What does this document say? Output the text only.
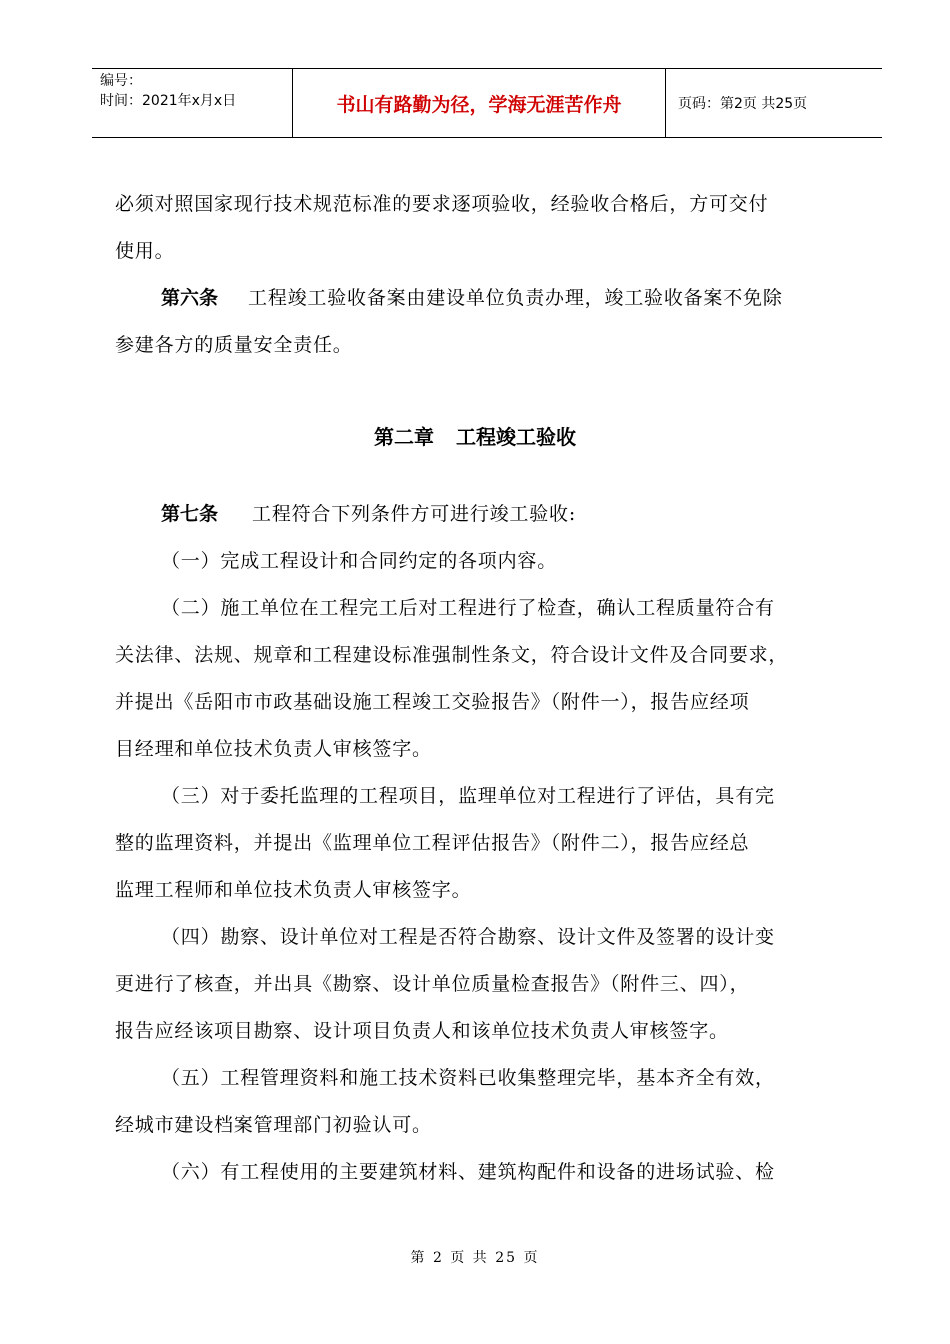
编号：
时间：2021年x月x日	书山有路勤为径，学海无涯苦作舟	页码：第2页 共25页

必须对照国家现行技术规范标准的要求逐项验收，经验收合格后，方可交付

使用。

第六条 工程竣工验收备案由建设单位负责办理，竣工验收备案不免除

参建各方的质量安全责任。

第二章 工程竣工验收

第七条 工程符合下列条件方可进行竣工验收:

（一）完成工程设计和合同约定的各项内容。

（二）施工单位在工程完工后对工程进行了检查，确认工程质量符合有

关法律、法规、规章和工程建设标准强制性条文，符合设计文件及合同要求，

并提出《岳阳市市政基础设施工程竣工交验报告》（附件一），报告应经项

目经理和单位技术负责人审核签字。

（三）对于委托监理的工程项目，监理单位对工程进行了评估，具有完

整的监理资料，并提出《监理单位工程评估报告》（附件二），报告应经总

监理工程师和单位技术负责人审核签字。

（四）勘察、设计单位对工程是否符合勘察、设计文件及签署的设计变

更进行了核查，并出具《勘察、设计单位质量检查报告》（附件三、四），

报告应经该项目勘察、设计项目负责人和该单位技术负责人审核签字。

（五）工程管理资料和施工技术资料已收集整理完毕，基本齐全有效，

经城市建设档案管理部门初验认可。

（六）有工程使用的主要建筑材料、建筑构配件和设备的进场试验、检

第 2 页 共 25 页
